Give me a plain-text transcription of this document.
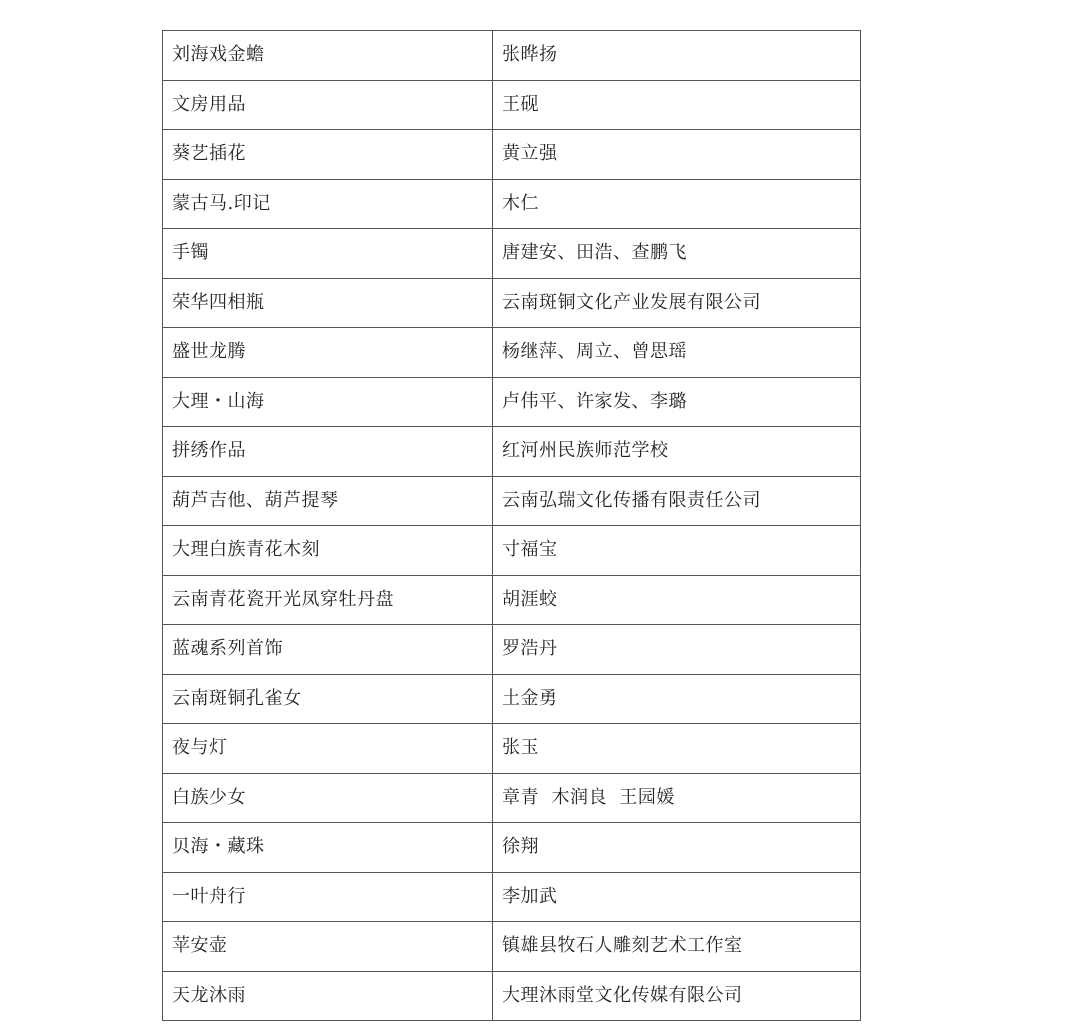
刘海戏金蟾	张晔扬
文房用品	王砚
葵艺插花	黄立强
蒙古马.印记	木仁
手镯	唐建安、田浩、查鹏飞
荣华四相瓶	云南斑铜文化产业发展有限公司
盛世龙腾	杨继萍、周立、曾思瑶
大理・山海	卢伟平、许家发、李璐
拼绣作品	红河州民族师范学校
葫芦吉他、葫芦提琴	云南弘瑞文化传播有限责任公司
大理白族青花木刻	寸福宝
云南青花瓷开光凤穿牡丹盘	胡涯蛟
蓝魂系列首饰	罗浩丹
云南斑铜孔雀女	土金勇
夜与灯	张玉
白族少女	章青  木润良  王园媛
贝海・藏珠	徐翔
一叶舟行	李加武
苹安壶	镇雄县牧石人雕刻艺术工作室
天龙沐雨	大理沐雨堂文化传媒有限公司
